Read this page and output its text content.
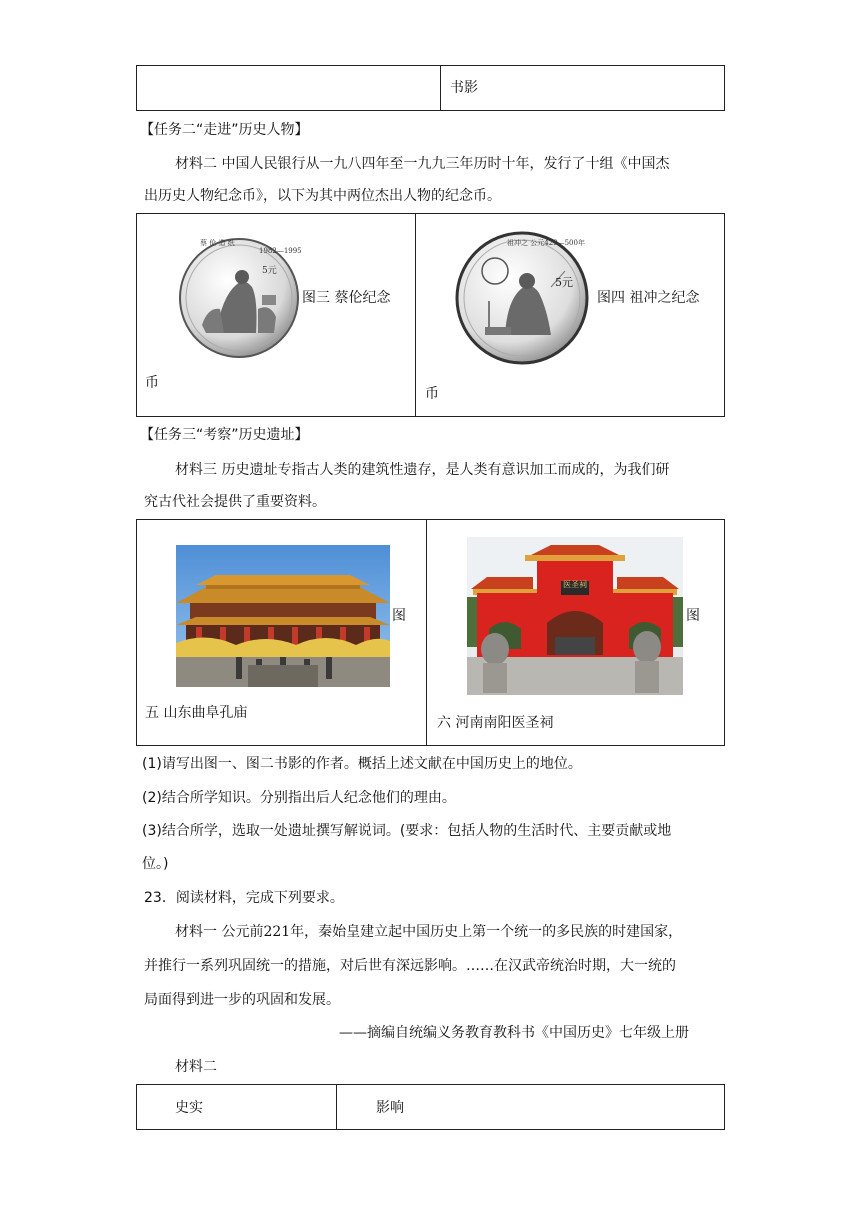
书影
【任务二“走进”历史人物】
材料二 中国人民银行从一九八四年至一九九三年历时十年，发行了十组《中国杰
出历史人物纪念币》，以下为其中两位杰出人物的纪念币。
蔡 伦 造 纸
1982—1995
5元
图三 蔡伦纪念
币
祖冲之 公元429—500年
5元
图四 祖冲之纪念
币
【任务三“考察”历史遗址】
材料三 历史遗址专指古人类的建筑性遗存，是人类有意识加工而成的，为我们研
究古代社会提供了重要资料。
图
五 山东曲阜孔庙
医圣祠
图
六 河南南阳医圣祠
(1)请写出图一、图二书影的作者。概括上述文献在中国历史上的地位。
(2)结合所学知识。分别指出后人纪念他们的理由。
(3)结合所学，选取一处遗址撰写解说词。(要求：包括人物的生活时代、主要贡献或地
位。)
23．阅读材料，完成下列要求。
材料一 公元前221年，秦始皇建立起中国历史上第一个统一的多民族的时建国家，
并推行一系列巩固统一的措施，对后世有深远影响。……在汉武帝统治时期，大一统的
局面得到进一步的巩固和发展。
——摘编自统编义务教育教科书《中国历史》七年级上册
材料二
史实	影响
